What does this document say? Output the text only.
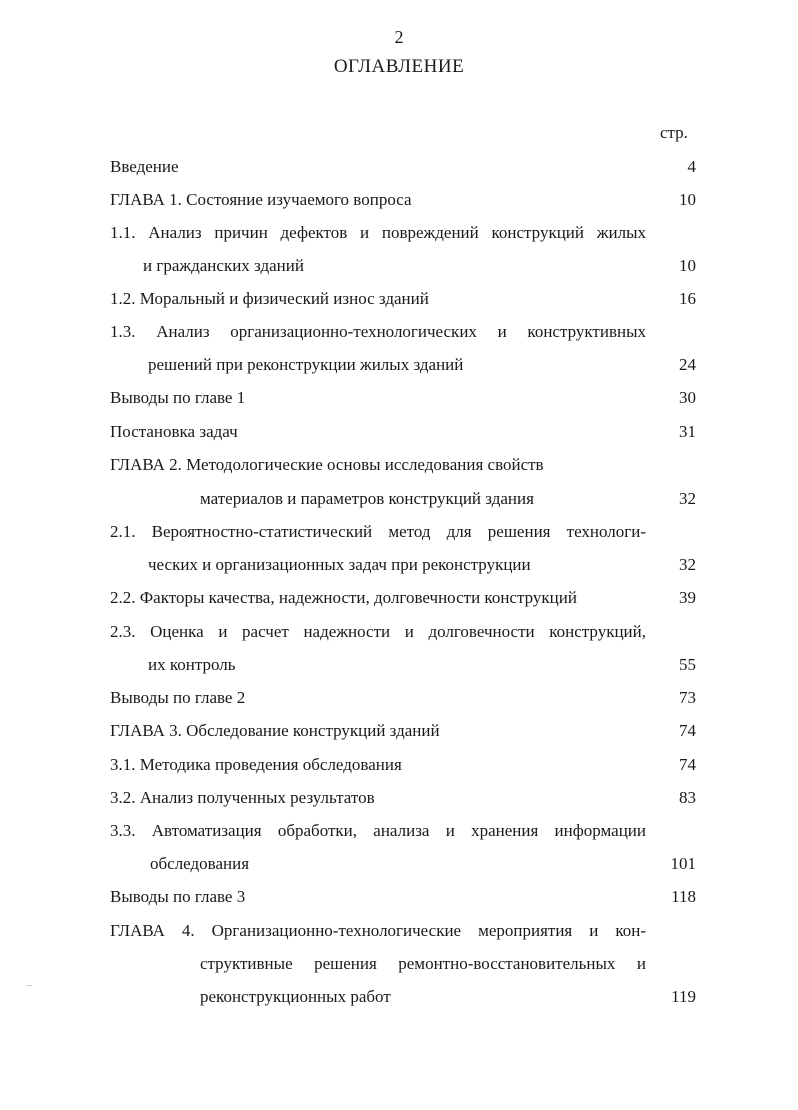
2
ОГЛАВЛЕНИЕ
стр.
Введение	4
ГЛАВА 1. Состояние изучаемого вопроса	10
1.1. Анализ причин дефектов и повреждений конструкций жилых
и гражданских зданий	10
1.2. Моральный и физический износ зданий	16
1.3. Анализ организационно-технологических и конструктивных
решений при реконструкции жилых зданий	24
Выводы по главе 1	30
Постановка задач	31
ГЛАВА 2. Методологические основы исследования свойств
материалов и параметров конструкций здания	32
2.1. Вероятностно-статистический метод для решения технологи-
ческих и организационных задач при реконструкции	32
2.2. Факторы качества, надежности, долговечности конструкций	39
2.3. Оценка и расчет надежности и долговечности конструкций,
их контроль	55
Выводы по главе 2	73
ГЛАВА 3. Обследование конструкций зданий	74
3.1. Методика проведения обследования	74
3.2. Анализ полученных результатов	83
3.3. Автоматизация обработки, анализа и хранения информации
обследования	101
Выводы по главе 3	118
ГЛАВА 4. Организационно-технологические мероприятия и кон-
структивные решения ремонтно-восстановительных и
реконструкционных работ	119
